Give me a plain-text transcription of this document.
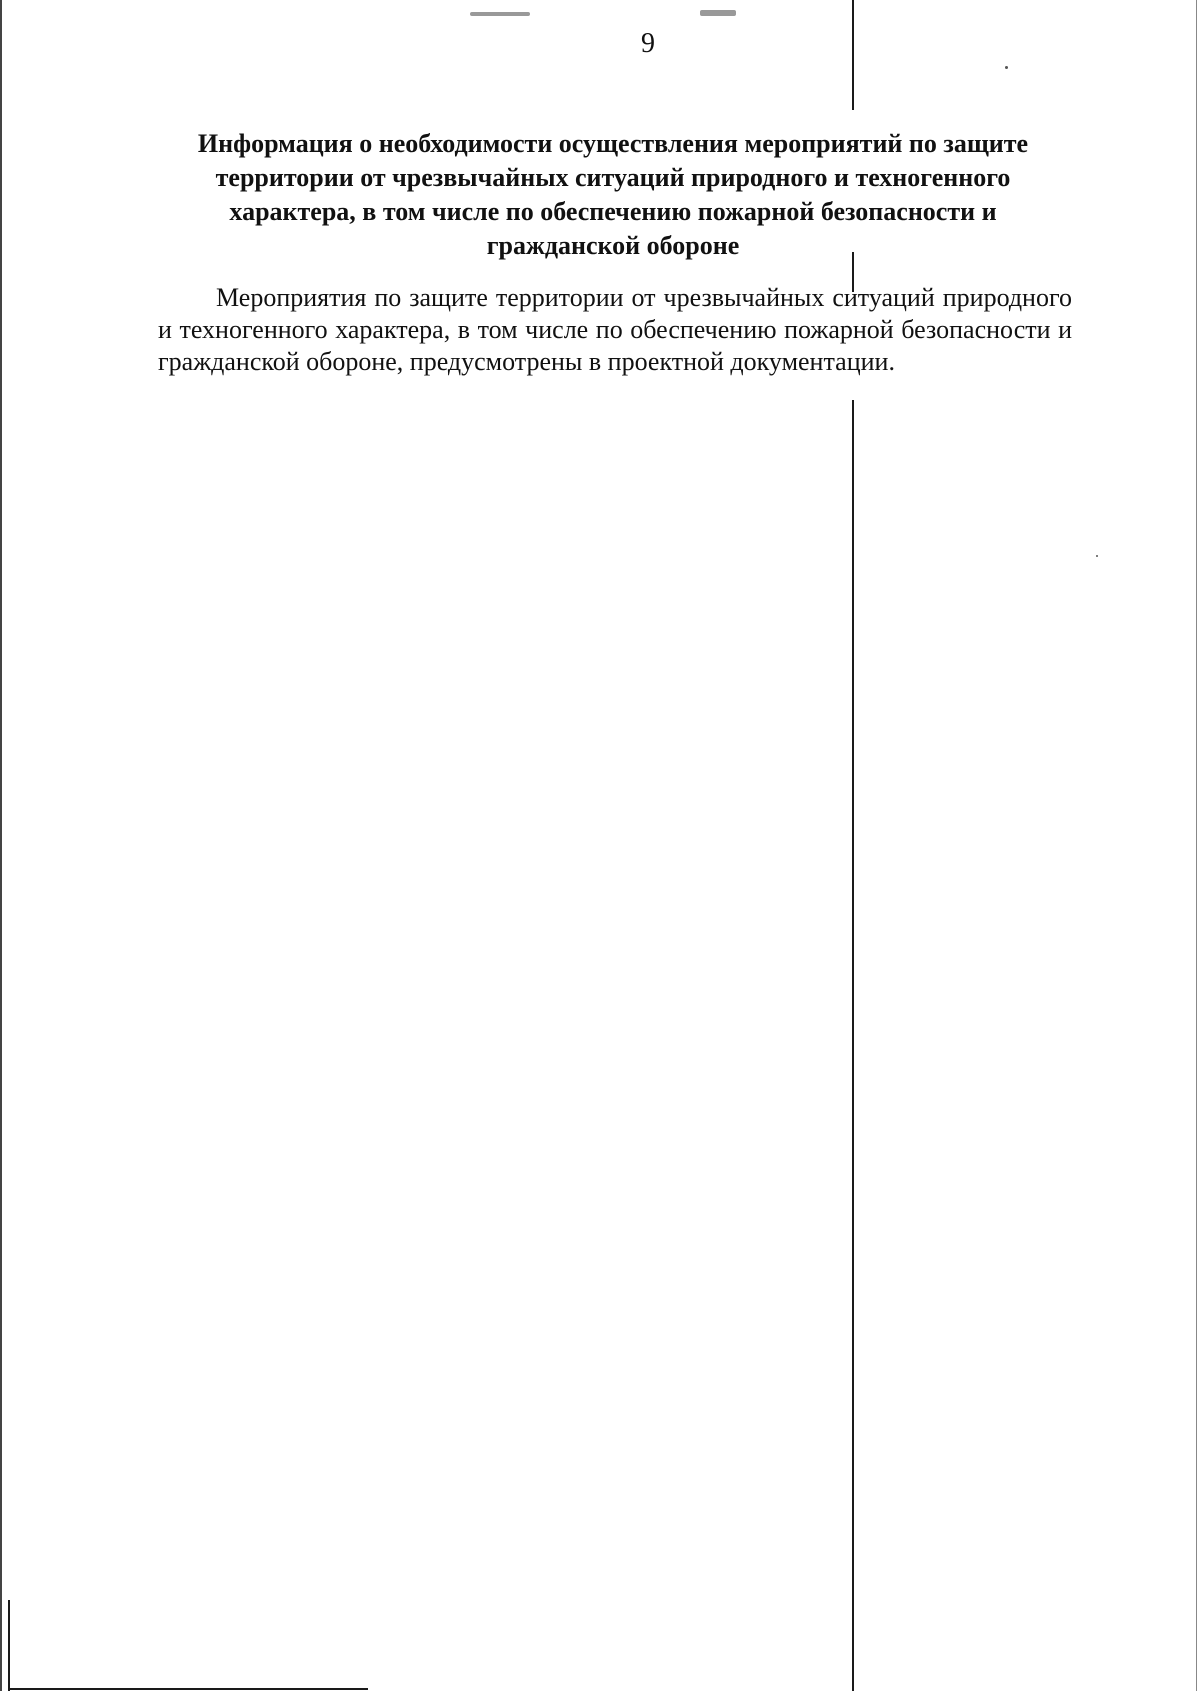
9
Информация о необходимости осуществления мероприятий по защите территории от чрезвычайных ситуаций природного и техногенного характера, в том числе по обеспечению пожарной безопасности и гражданской обороне

Мероприятия по защите территории от чрезвычайных ситуаций природного и техногенного характера, в том числе по обеспечению пожарной безопасности и гражданской обороне, предусмотрены в проектной документации.
